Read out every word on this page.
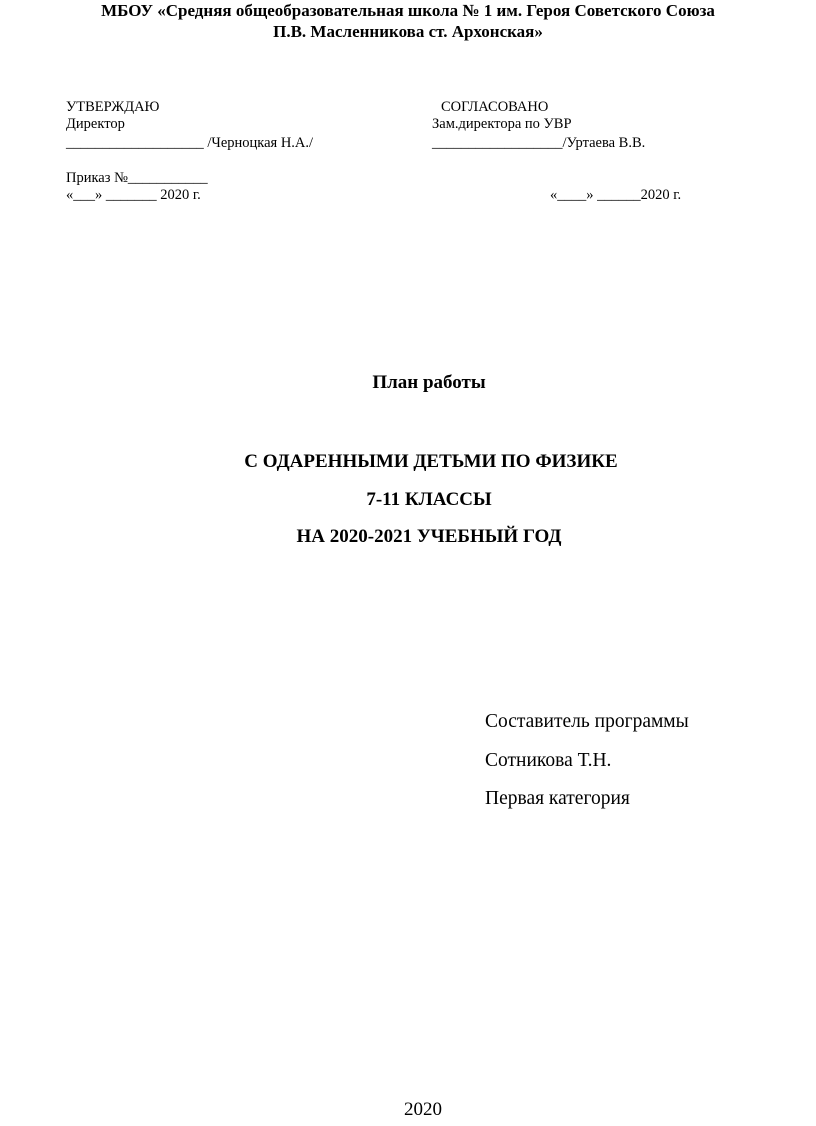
МБОУ «Средняя общеобразовательная школа № 1 им. Героя Советского Союза
П.В. Масленникова ст. Архонская»
УТВЕРЖДАЮ
Директор
___________________ /Черноцкая Н.А./
Приказ №___________
«___» _______ 2020 г.
СОГЛАСОВАНО
Зам.директора по УВР
__________________/Уртаева В.В.
«____» ______2020 г.
План работы
С ОДАРЕННЫМИ ДЕТЬМИ ПО ФИЗИКЕ
7-11 КЛАССЫ
НА 2020-2021 УЧЕБНЫЙ ГОД
Составитель программы
Сотникова Т.Н.
Первая категория
2020
